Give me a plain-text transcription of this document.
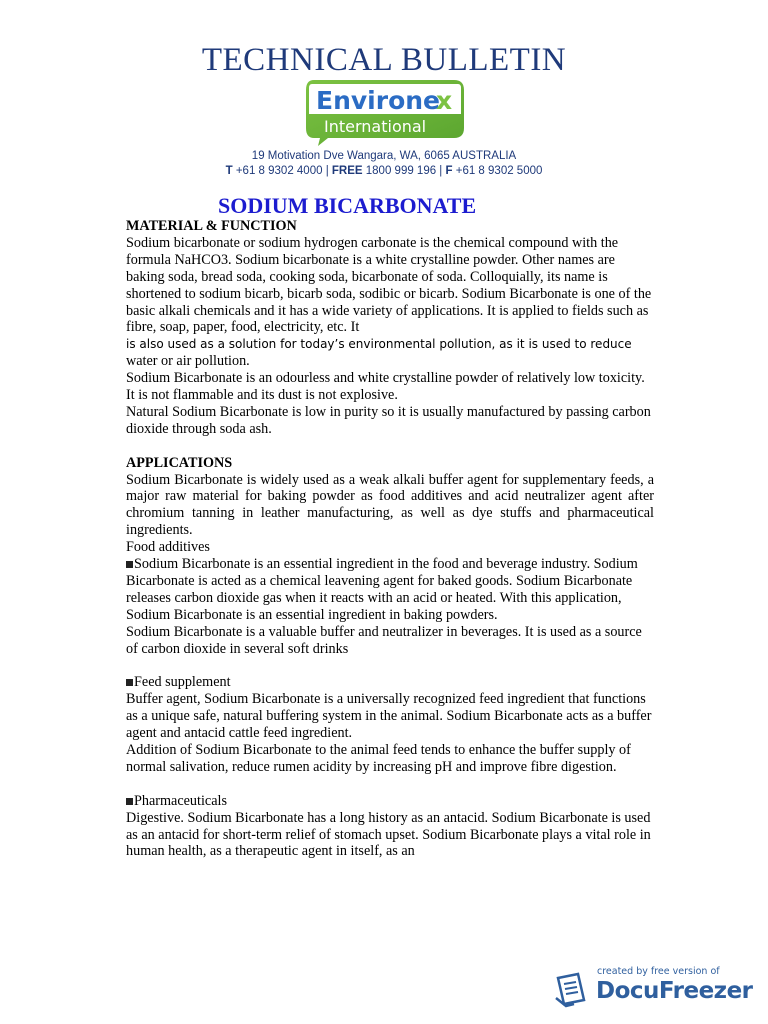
TECHNICAL BULLETIN
Environe
x
International
19 Motivation Dve Wangara, WA, 6065 AUSTRALIA
T +61 8 9302 4000 | FREE 1800 999 196 | F +61 8 9302 5000
SODIUM BICARBONATE

MATERIAL & FUNCTION

Sodium bicarbonate or sodium hydrogen carbonate is the chemical compound with the formula NaHCO3. Sodium bicarbonate is a white crystalline powder. Other names are baking soda, bread soda, cooking soda, bicarbonate of soda. Colloquially, its name is shortened to sodium bicarb, bicarb soda, sodibic or bicarb. Sodium Bicarbonate is one of the basic alkali chemicals and it has a wide variety of applications. It is applied to fields such as fibre, soap, paper, food, electricity, etc. It

is also used as a solution for today’s environmental pollution, as it is used to reduce

water or air pollution.

Sodium Bicarbonate is an odourless and white crystalline powder of relatively low toxicity. It is not flammable and its dust is not explosive.

Natural Sodium Bicarbonate is low in purity so it is usually manufactured by passing carbon dioxide through soda ash.

APPLICATIONS

Sodium Bicarbonate is widely used as a weak alkali buffer agent for supplementary feeds, a major raw material for baking powder as food additives and acid neutralizer agent after chromium tanning in leather manufacturing, as well as dye stuffs and pharmaceutical ingredients.

Food additives

Sodium Bicarbonate is an essential ingredient in the food and beverage industry. Sodium Bicarbonate is acted as a chemical leavening agent for baked goods. Sodium Bicarbonate releases carbon dioxide gas when it reacts with an acid or heated. With this application, Sodium Bicarbonate is an essential ingredient in baking powders.

Sodium Bicarbonate is a valuable buffer and neutralizer in beverages. It is used as a source of carbon dioxide in several soft drinks

Feed supplement

Buffer agent, Sodium Bicarbonate is a universally recognized feed ingredient that functions as a unique safe, natural buffering system in the animal. Sodium Bicarbonate acts as a buffer agent and antacid cattle feed ingredient.

Addition of Sodium Bicarbonate to the animal feed tends to enhance the buffer supply of normal salivation, reduce rumen acidity by increasing pH and improve fibre digestion.

Pharmaceuticals

Digestive. Sodium Bicarbonate has a long history as an antacid. Sodium Bicarbonate is used as an antacid for short-term relief of stomach upset. Sodium Bicarbonate plays a vital role in human health, as a therapeutic agent in itself, as an

created by free version of
DocuFreezer
